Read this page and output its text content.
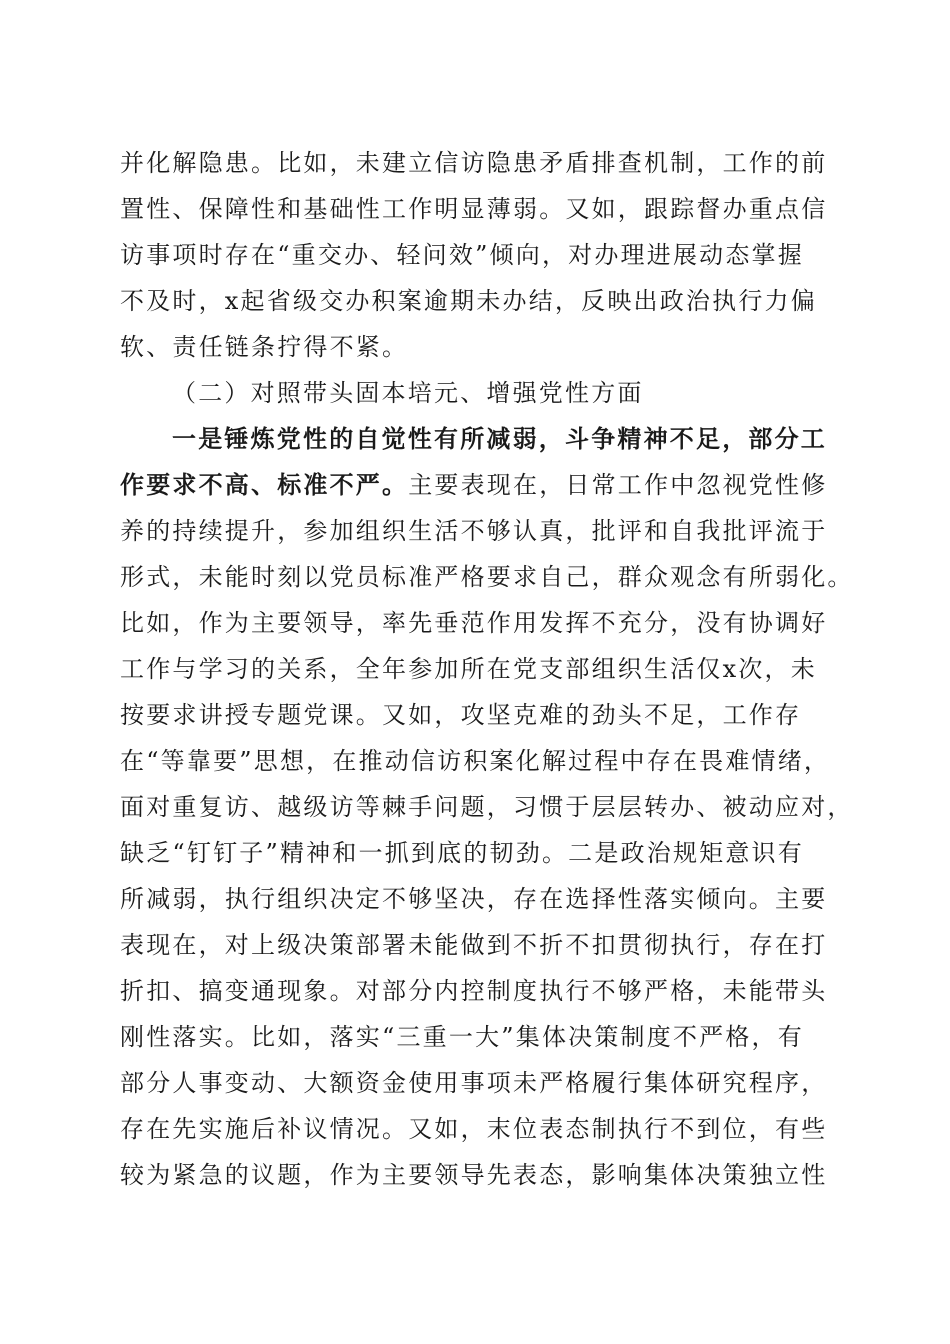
并化解隐患。比如，未建立信访隐患矛盾排查机制，工作的前
置性、保障性和基础性工作明显薄弱。又如，跟踪督办重点信
访事项时存在“重交办、轻问效”倾向，对办理进展动态掌握
不及时，x起省级交办积案逾期未办结，反映出政治执行力偏
软、责任链条拧得不紧。
（二）对照带头固本培元、增强党性方面
一是锤炼党性的自觉性有所减弱，斗争精神不足，部分工
作要求不高、标准不严。主要表现在，日常工作中忽视党性修
养的持续提升，参加组织生活不够认真，批评和自我批评流于
形式，未能时刻以党员标准严格要求自己，群众观念有所弱化。
比如，作为主要领导，率先垂范作用发挥不充分，没有协调好
工作与学习的关系，全年参加所在党支部组织生活仅x次，未
按要求讲授专题党课。又如，攻坚克难的劲头不足，工作存
在“等靠要”思想，在推动信访积案化解过程中存在畏难情绪，
面对重复访、越级访等棘手问题，习惯于层层转办、被动应对，
缺乏“钉钉子”精神和一抓到底的韧劲。二是政治规矩意识有
所减弱，执行组织决定不够坚决，存在选择性落实倾向。主要
表现在，对上级决策部署未能做到不折不扣贯彻执行，存在打
折扣、搞变通现象。对部分内控制度执行不够严格，未能带头
刚性落实。比如，落实“三重一大”集体决策制度不严格，有
部分人事变动、大额资金使用事项未严格履行集体研究程序，
存在先实施后补议情况。又如，末位表态制执行不到位，有些
较为紧急的议题，作为主要领导先表态，影响集体决策独立性
